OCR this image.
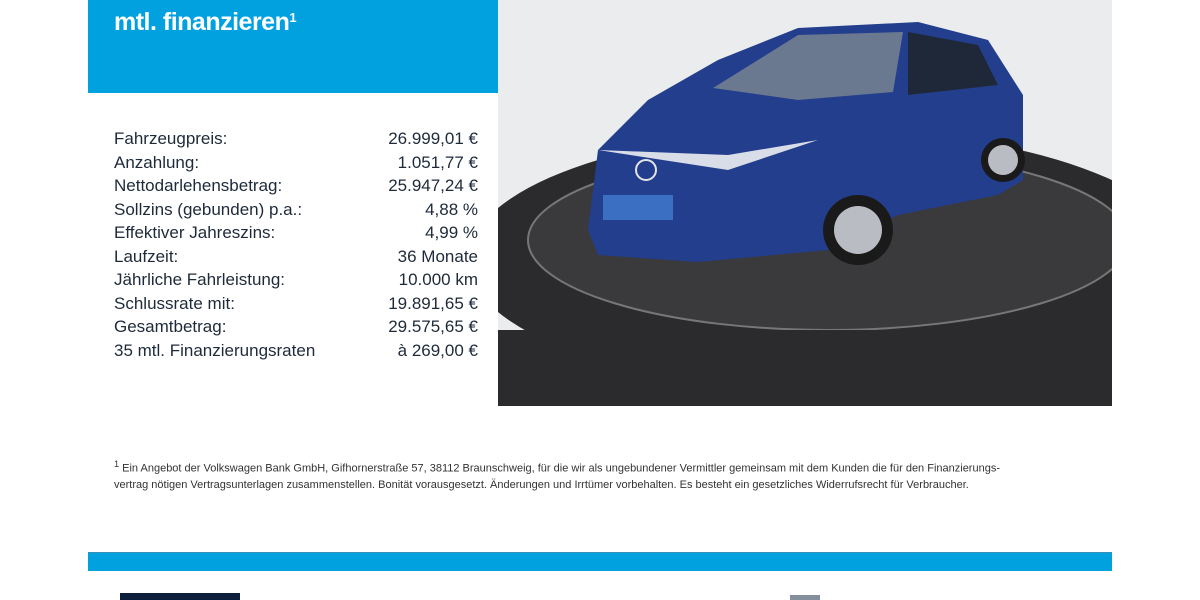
mtl. finanzieren$^1$
Fahrzeugpreis:	26.999,01 €
Anzahlung:	1.051,77 €
Nettodarlehensbetrag:	25.947,24 €
Sollzins (gebunden) p.a.:	4,88 %
Effektiver Jahreszins:	4,99 %
Laufzeit:	36 Monate
Jährliche Fahrleistung:	10.000 km
Schlussrate mit:	19.891,65 €
Gesamtbetrag:	29.575,65 €
35 mtl. Finanzierungsraten	à 269,00 €
$^1$ Ein Angebot der Volkswagen Bank GmbH, Gifhornerstraße 57, 38112 Braunschweig, für die wir als ungebundener Vermittler gemeinsam mit dem Kunden die für den Finanzierungs-
vertrag nötigen Vertragsunterlagen zusammenstellen. Bonität vorausgesetzt. Änderungen und Irrtümer vorbehalten. Es besteht ein gesetzliches Widerrufsrecht für Verbraucher.
